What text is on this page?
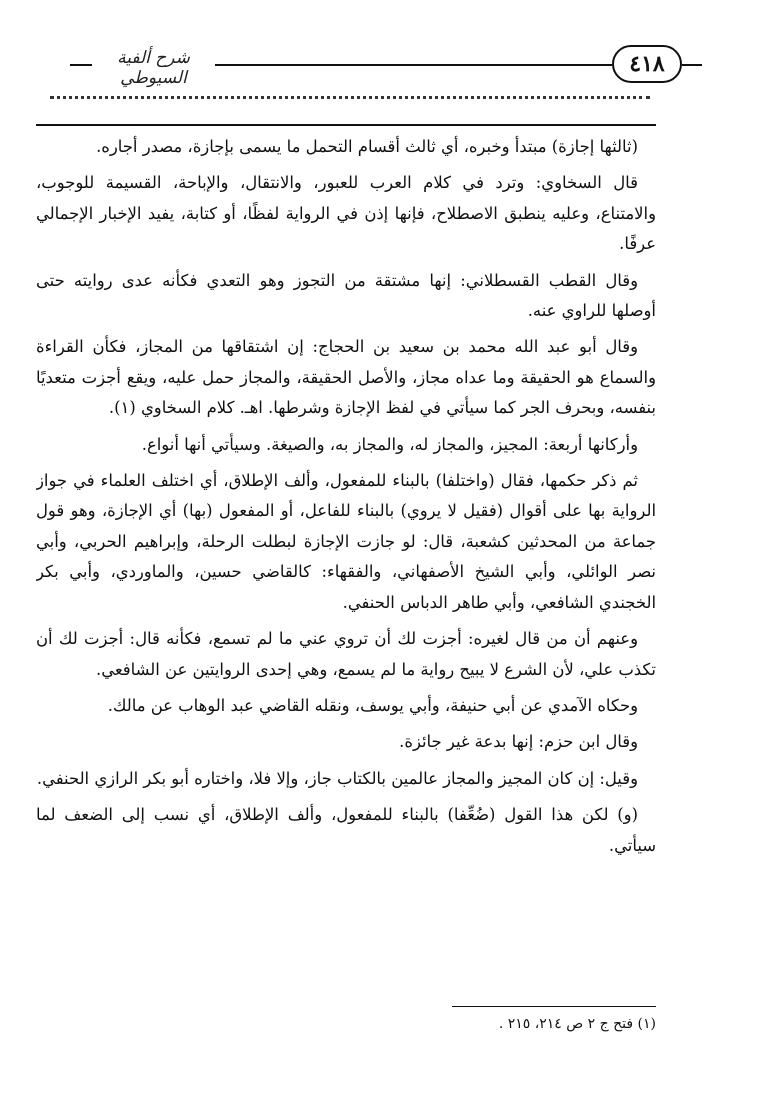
٤١٨
شرح ألفية السيوطي

(ثالثها إجازة) مبتدأ وخبره، أي ثالث أقسام التحمل ما يسمى بإجازة، مصدر أجاره.

قال السخاوي: وترد في كلام العرب للعبور، والانتقال، والإباحة، القسيمة للوجوب، والامتناع، وعليه ينطبق الاصطلاح، فإنها إذن في الرواية لفظًا، أو كتابة، يفيد الإخبار الإجمالي عرفًا.

وقال القطب القسطلاني: إنها مشتقة من التجوز وهو التعدي فكأنه عدى روايته حتى أوصلها للراوي عنه.

وقال أبو عبد الله محمد بن سعيد بن الحجاج: إن اشتقاقها من المجاز، فكأن القراءة والسماع هو الحقيقة وما عداه مجاز، والأصل الحقيقة، والمجاز حمل عليه، ويقع أجزت متعديًا بنفسه، وبحرف الجر كما سيأتي في لفظ الإجازة وشرطها. اهـ. كلام السخاوي (١).

وأركانها أربعة: المجيز، والمجاز له، والمجاز به، والصيغة. وسيأتي أنها أنواع.

ثم ذكر حكمها، فقال (واختلفا) بالبناء للمفعول، وألف الإطلاق، أي اختلف العلماء في جواز الرواية بها على أقوال (فقيل لا يروي) بالبناء للفاعل، أو المفعول (بها) أي الإجازة، وهو قول جماعة من المحدثين كشعبة، قال: لو جازت الإجازة لبطلت الرحلة، وإبراهيم الحربي، وأبي نصر الوائلي، وأبي الشيخ الأصفهاني، والفقهاء: كالقاضي حسين، والماوردي، وأبي بكر الخجندي الشافعي، وأبي طاهر الدباس الحنفي.

وعنهم أن من قال لغيره: أجزت لك أن تروي عني ما لم تسمع، فكأنه قال: أجزت لك أن تكذب علي، لأن الشرع لا يبيح رواية ما لم يسمع، وهي إحدى الروايتين عن الشافعي.

وحكاه الآمدي عن أبي حنيفة، وأبي يوسف، ونقله القاضي عبد الوهاب عن مالك.

وقال ابن حزم: إنها بدعة غير جائزة.

وقيل: إن كان المجيز والمجاز عالمين بالكتاب جاز، وإلا فلا، واختاره أبو بكر الرازي الحنفي.

(و) لكن هذا القول (ضُعِّفا) بالبناء للمفعول، وألف الإطلاق، أي نسب إلى الضعف لما سيأتي.

(١) فتح ج ٢ ص ٢١٤، ٢١٥ .
